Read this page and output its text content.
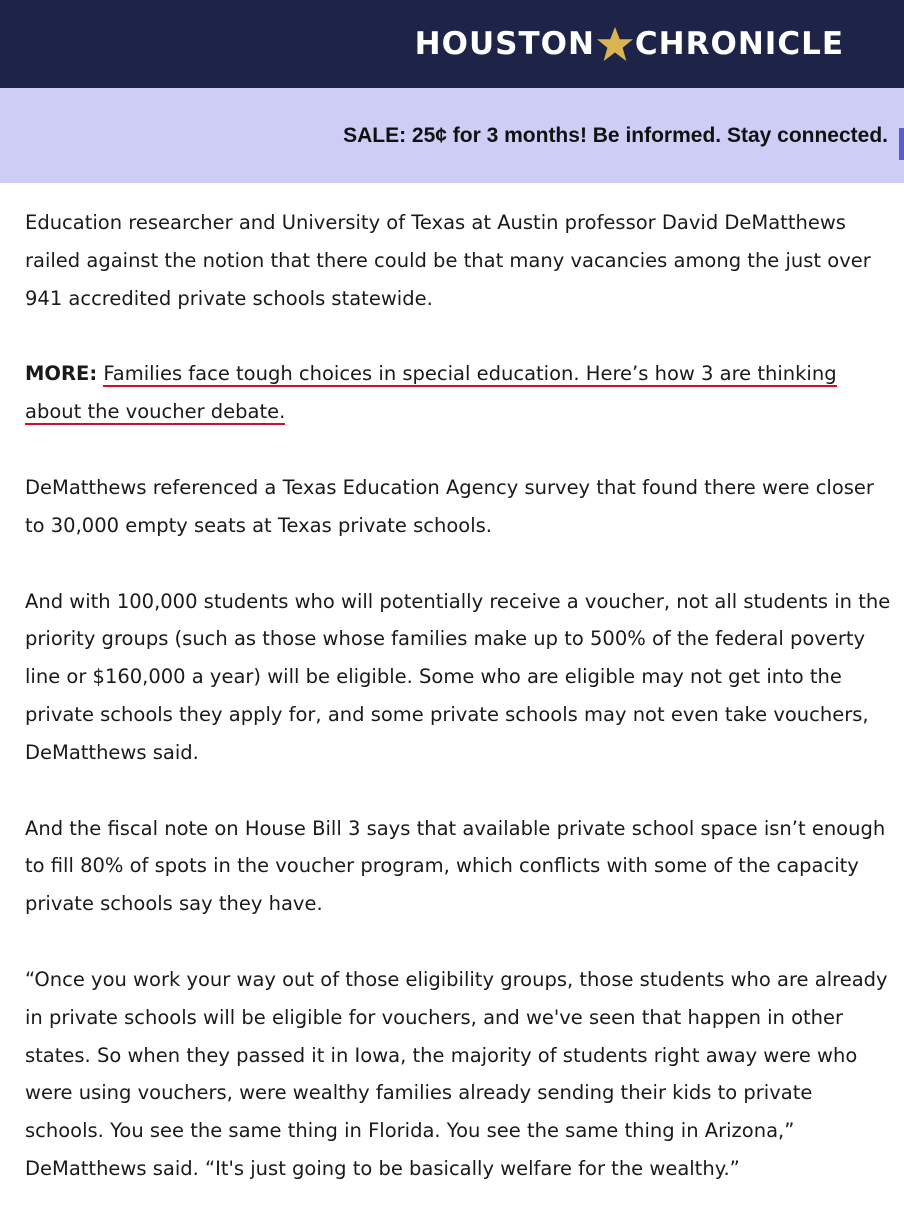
HOUSTON CHRONICLE
SALE: 25¢ for 3 months! Be informed. Stay connected.

Education researcher and University of Texas at Austin professor David DeMatthews railed against the notion that there could be that many vacancies among the just over 941 accredited private schools statewide.

MORE: Families face tough choices in special education. Here’s how 3 are thinking about the voucher debate.

DeMatthews referenced a Texas Education Agency survey that found there were closer to 30,000 empty seats at Texas private schools.

And with 100,000 students who will potentially receive a voucher, not all students in the priority groups (such as those whose families make up to 500% of the federal poverty line or $160,000 a year) will be eligible. Some who are eligible may not get into the private schools they apply for, and some private schools may not even take vouchers, DeMatthews said.

And the fiscal note on House Bill 3 says that available private school space isn’t enough to fill 80% of spots in the voucher program, which conflicts with some of the capacity private schools say they have.

“Once you work your way out of those eligibility groups, those students who are already in private schools will be eligible for vouchers, and we've seen that happen in other states. So when they passed it in Iowa, the majority of students right away were who were using vouchers, were wealthy families already sending their kids to private schools. You see the same thing in Florida. You see the same thing in Arizona,” DeMatthews said. “It's just going to be basically welfare for the wealthy.”
